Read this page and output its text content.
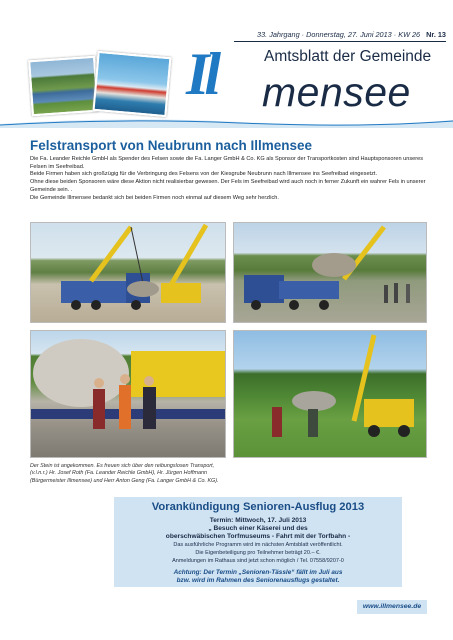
33. Jahrgang · Donnerstag, 27. Juni 2013 · KW 26 Nr. 13
Il	Amtsblatt der Gemeinde
mensee
Felstransport von Neubrunn nach Illmensee

Die Fa. Leander Reichle GmbH als Spender des Felsen sowie die Fa. Langer GmbH & Co. KG als Sponsor der Transportkosten sind Hauptsponsoren unseres Felsen im Seefreibad.

Beide Firmen haben sich großzügig für die Verbringung des Felsens von der Kiesgrube Neubrunn nach Illmensee ins Seefreibad eingesetzt.

Ohne diese beiden Sponsoren wäre diese Aktion nicht realisierbar gewesen. Der Fels im Seefreibad wird auch noch in ferner Zukunft ein wahrer Fels in unserer Gemeinde sein. .

Die Gemeinde Illmensee bedankt sich bei beiden Firmen noch einmal auf diesem Weg sehr herzlich.

Der Stein ist angekommen. Es freuen sich über den reibungslosen Transport, (v.l.n.r.) Hr. Josef Roth (Fa. Leander Reichle GmbH), Hr. Jürgen Hoffmann (Bürgermeister Illmensee) und Herr Anton Geng (Fa. Langer GmbH & Co. KG).
Vorankündigung Senioren-Ausflug 2013
Termin: Mittwoch, 17. Juli 2013
„ Besuch einer Käserei und des
oberschwäbischen Torfmuseums - Fahrt mit der Torfbahn -
Das ausführliche Programm wird im nächsten Amtsblatt veröffentlicht.
Die Eigenbeteiligung pro Teilnehmer beträgt 20.– €.
Anmeldungen im Rathaus sind jetzt schon möglich / Tel. 07558/9207-0
Achtung: Der Termin „Senioren-Tässle“ fällt im Juli aus
bzw. wird im Rahmen des Seniorenausflugs gestaltet.
www.illmensee.de
